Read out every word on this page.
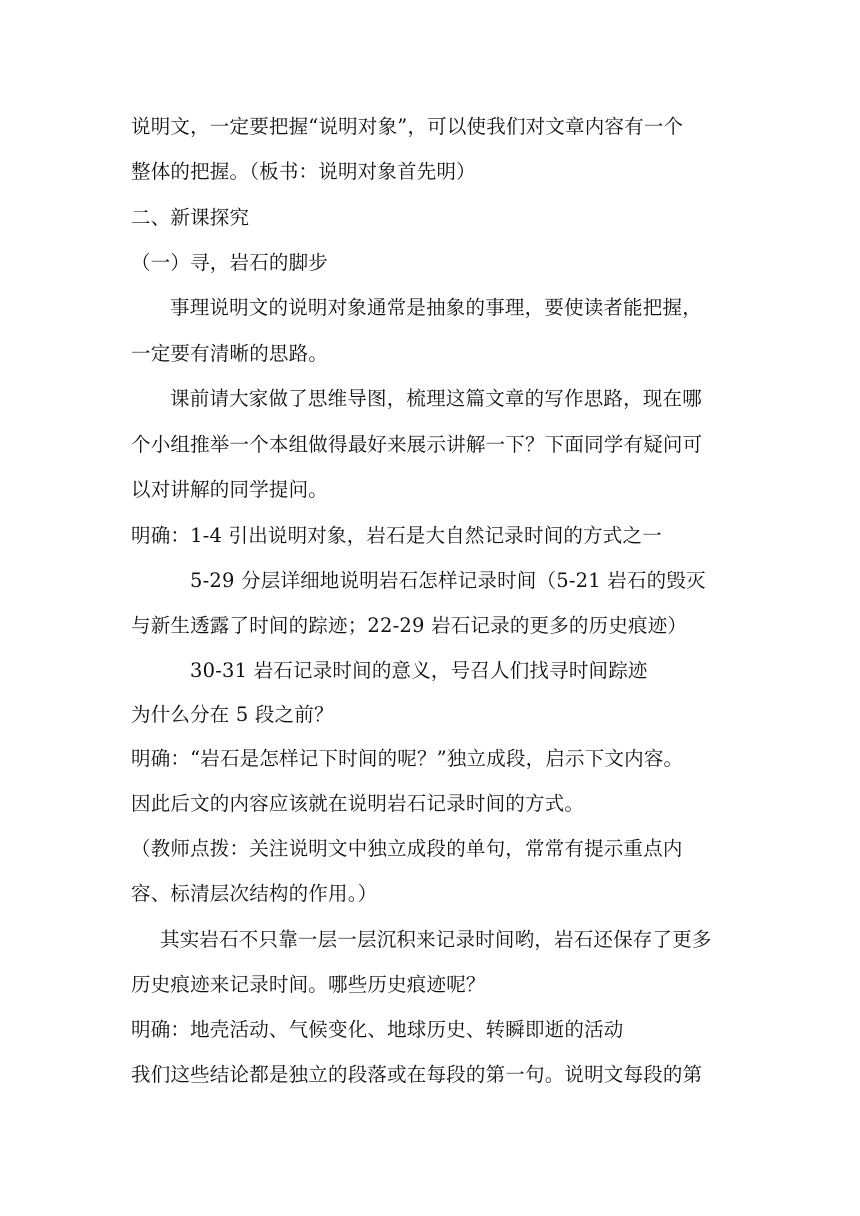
说明文，一定要把握“说明对象”，可以使我们对文章内容有一个
整体的把握。（板书：说明对象首先明）
二、新课探究
（一）寻，岩石的脚步
事理说明文的说明对象通常是抽象的事理，要使读者能把握，
一定要有清晰的思路。
课前请大家做了思维导图，梳理这篇文章的写作思路，现在哪
个小组推举一个本组做得最好来展示讲解一下？下面同学有疑问可
以对讲解的同学提问。
明确：1-4 引出说明对象，岩石是大自然记录时间的方式之一
5-29 分层详细地说明岩石怎样记录时间（5-21 岩石的毁灭
与新生透露了时间的踪迹；22-29 岩石记录的更多的历史痕迹）
30-31 岩石记录时间的意义，号召人们找寻时间踪迹
为什么分在 5 段之前？
明确：“岩石是怎样记下时间的呢？”独立成段，启示下文内容。
因此后文的内容应该就在说明岩石记录时间的方式。
（教师点拨：关注说明文中独立成段的单句，常常有提示重点内
容、标清层次结构的作用。）
其实岩石不只靠一层一层沉积来记录时间哟，岩石还保存了更多
历史痕迹来记录时间。哪些历史痕迹呢？
明确：地壳活动、气候变化、地球历史、转瞬即逝的活动
我们这些结论都是独立的段落或在每段的第一句。说明文每段的第
